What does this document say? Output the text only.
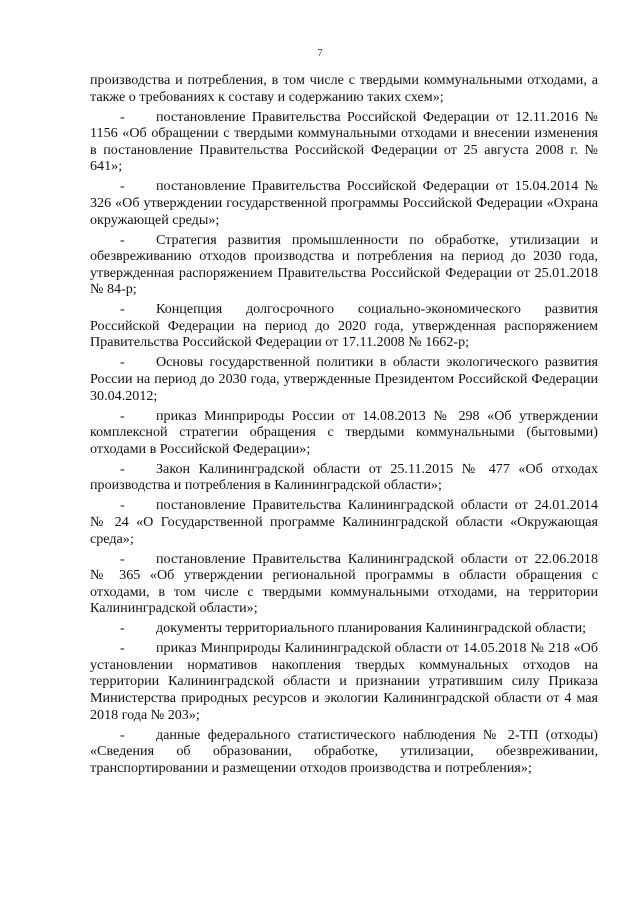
7

производства и потребления, в том числе с твердыми коммунальными отходами, а также о требованиях к составу и содержанию таких схем»;

- постановление Правительства Российской Федерации от 12.11.2016 № 1156 «Об обращении с твердыми коммунальными отходами и внесении изменения в постановление Правительства Российской Федерации от 25 августа 2008 г. № 641»;

- постановление Правительства Российской Федерации от 15.04.2014 № 326 «Об утверждении государственной программы Российской Федерации «Охрана окружающей среды»;

- Стратегия развития промышленности по обработке, утилизации и обезвреживанию отходов производства и потребления на период до 2030 года, утвержденная распоряжением Правительства Российской Федерации от 25.01.2018 № 84-р;

- Концепция долгосрочного социально-экономического развития Российской Федерации на период до 2020 года, утвержденная распоряжением Правительства Российской Федерации от 17.11.2008 № 1662-р;

- Основы государственной политики в области экологического развития России на период до 2030 года, утвержденные Президентом Российской Федерации 30.04.2012;

- приказ Минприроды России от 14.08.2013 № 298 «Об утверждении комплексной стратегии обращения с твердыми коммунальными (бытовыми) отходами в Российской Федерации»;

- Закон Калининградской области от 25.11.2015 № 477 «Об отходах производства и потребления в Калининградской области»;

- постановление Правительства Калининградской области от 24.01.2014 № 24 «О Государственной программе Калининградской области «Окружающая среда»;

- постановление Правительства Калининградской области от 22.06.2018 № 365 «Об утверждении региональной программы в области обращения с отходами, в том числе с твердыми коммунальными отходами, на территории Калининградской области»;

- документы территориального планирования Калининградской области;

- приказ Минприроды Калининградской области от 14.05.2018 № 218 «Об установлении нормативов накопления твердых коммунальных отходов на территории Калининградской области и признании утратившим силу Приказа Министерства природных ресурсов и экологии Калининградской области от 4 мая 2018 года № 203»;

- данные федерального статистического наблюдения № 2-ТП (отходы) «Сведения об образовании, обработке, утилизации, обезвреживании, транспортировании и размещении отходов производства и потребления»;
